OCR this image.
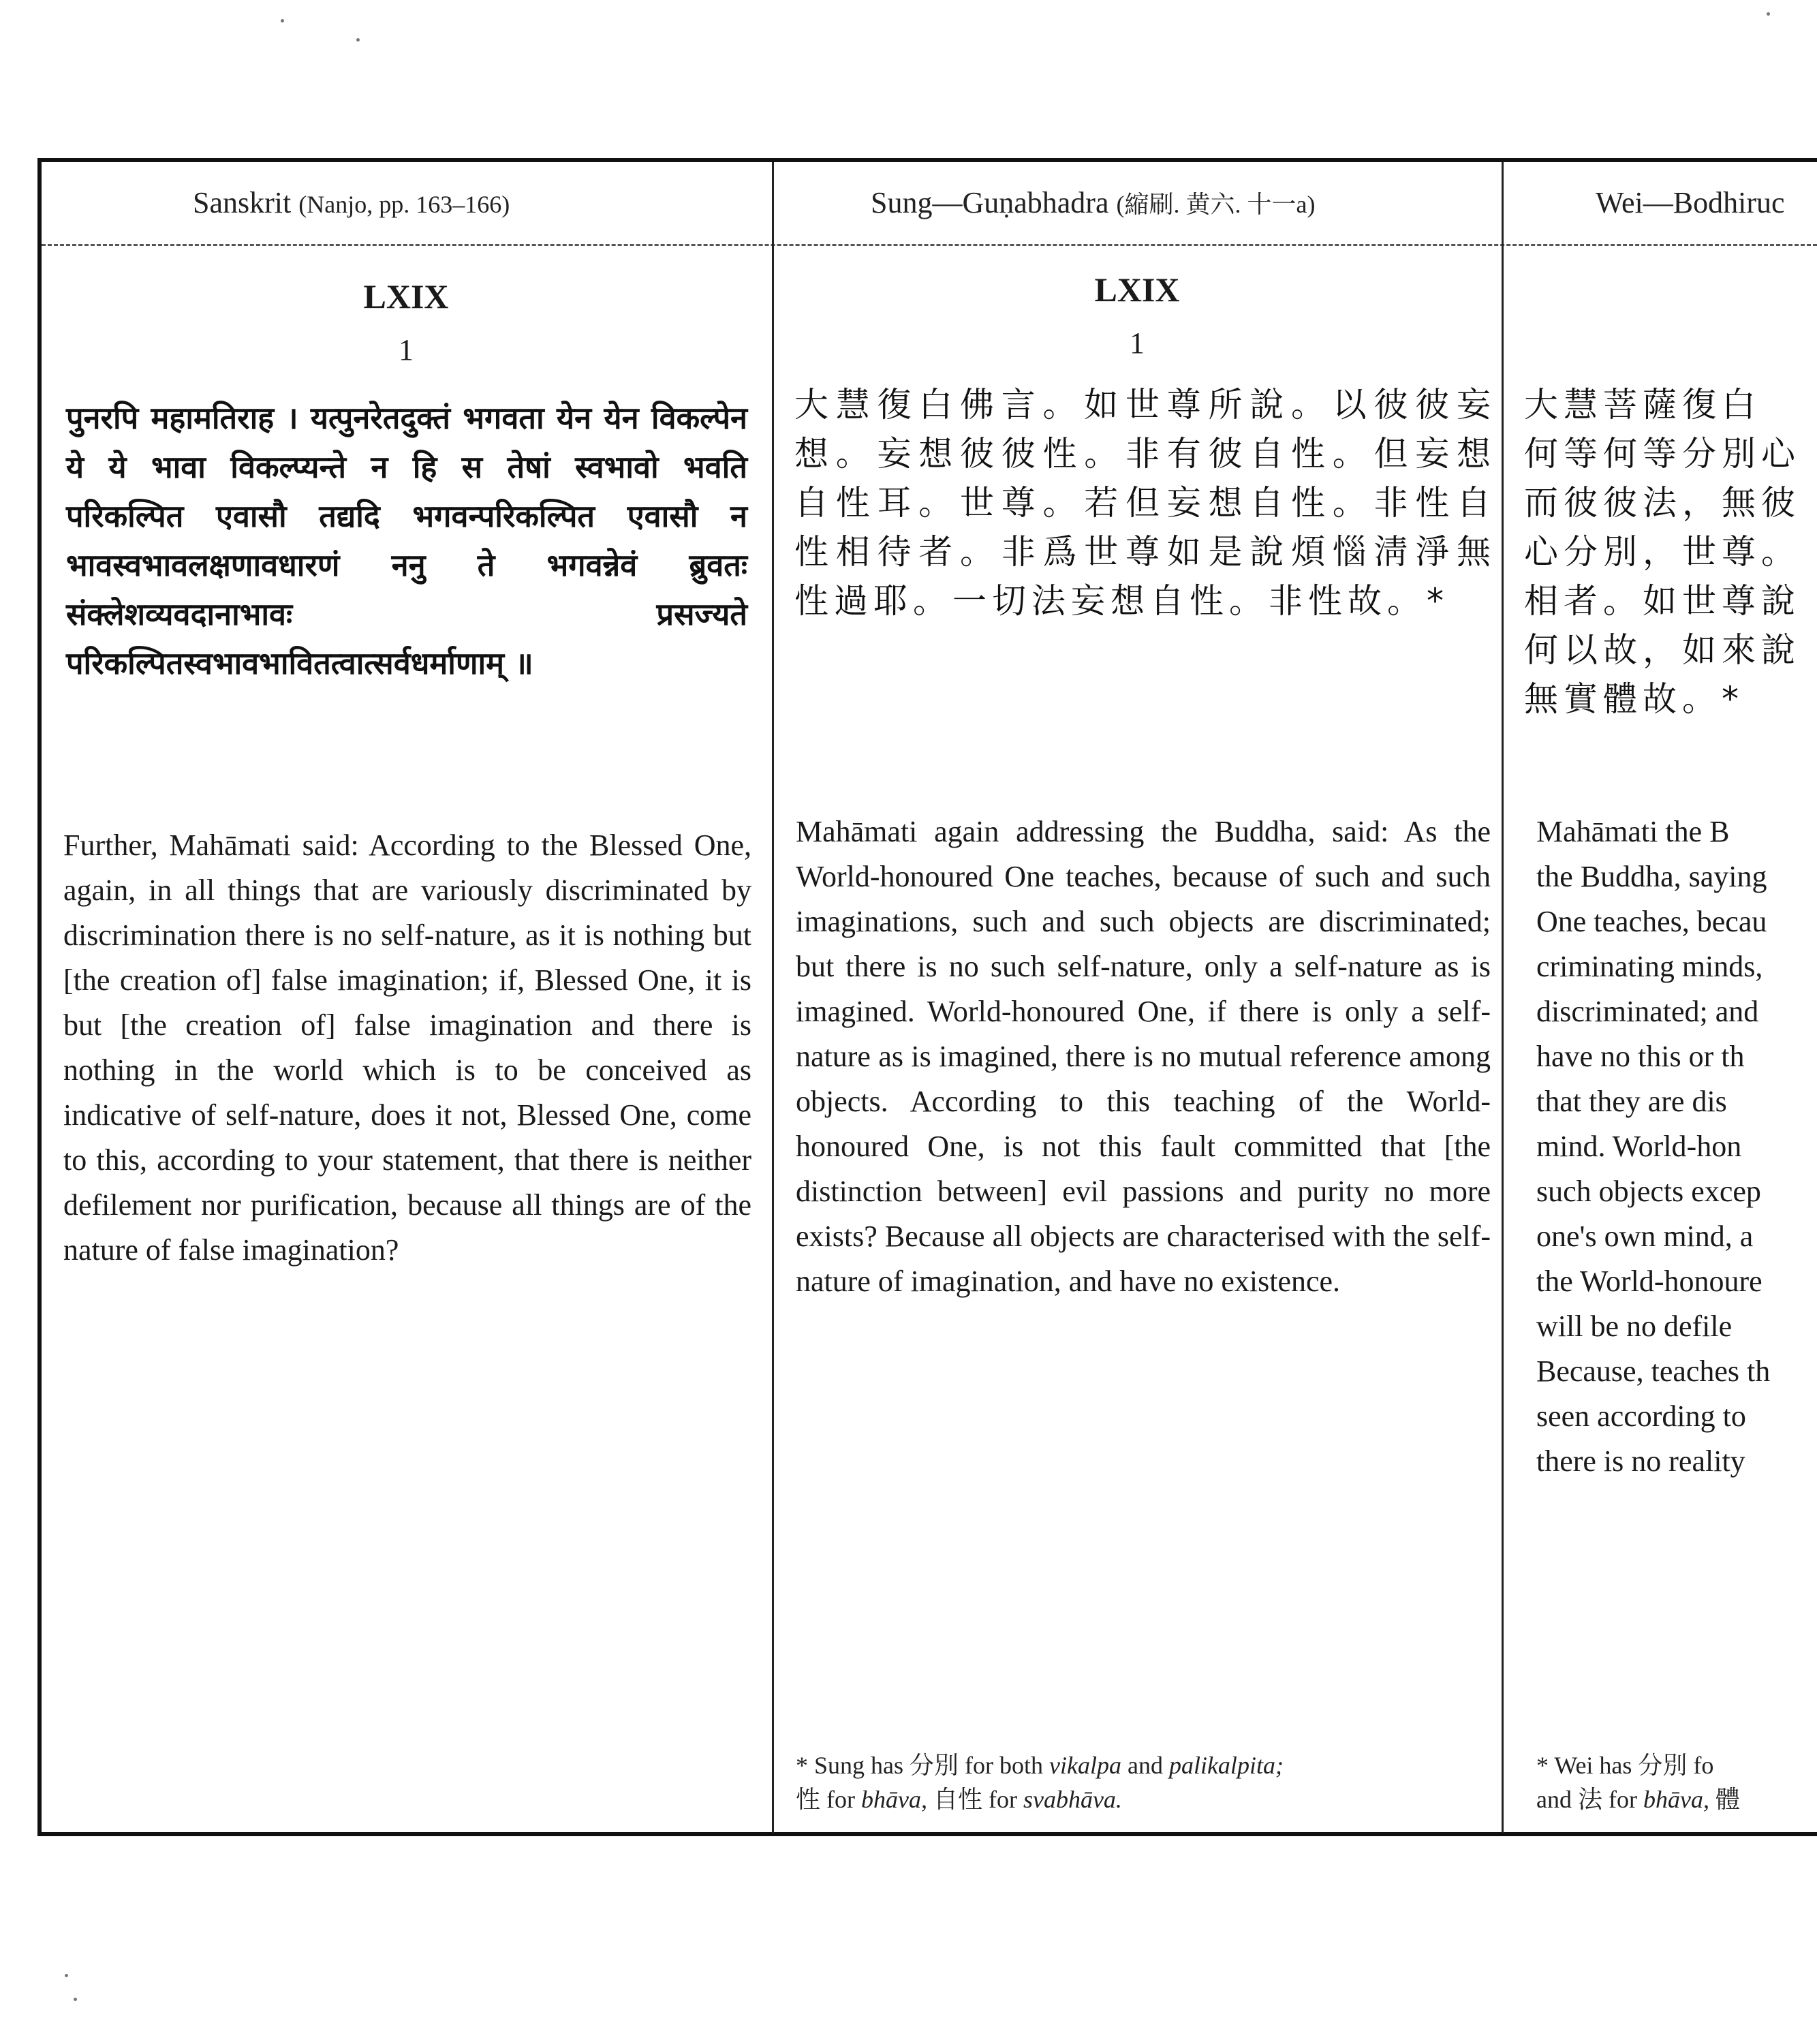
Sanskrit (Nanjo, pp. 163–166)
LXIX
1
पुनरपि महामतिराह । यत्पुनरेतदुक्तं भगवता येन येन विकल्पेन ये ये भावा विकल्प्यन्ते न हि स तेषां स्वभावो भवति परिकल्पित एवासौ तद्यदि भगवन्परिकल्पित एवासौ न भावस्वभावलक्षणावधारणं ननु ते भगवन्नेवं ब्रुवतः संक्लेशव्यवदानाभावः प्रसज्यते परिकल्पितस्वभावभावितत्वात्सर्वधर्माणाम् ॥
Further, Mahāmati said: According to the Blessed One, again, in all things that are variously discriminated by discrimination there is no self-nature, as it is nothing but [the creation of] false imagination; if, Blessed One, it is but [the creation of] false imagination and there is nothing in the world which is to be conceived as indicative of self-nature, does it not, Blessed One, come to this, according to your statement, that there is neither defilement nor purification, because all things are of the nature of false imagination?
Sung—Guṇabhadra (縮刷. 黄六. 十一a)
LXIX
1
大慧復白佛言。如世尊所說。以彼彼妄想。妄想彼彼性。非有彼自性。但妄想自性耳。世尊。若但妄想自性。非性自性相待者。非爲世尊如是說煩惱淸淨無性過耶。一切法妄想自性。非性故。*
Mahāmati again addressing the Buddha, said: As the World-honoured One teaches, because of such and such imaginations, such and such objects are discriminated; but there is no such self-nature, only a self-nature as is imagined. World-honoured One, if there is only a self-nature as is imagined, there is no mutual reference among objects. According to this teaching of the World-honoured One, is not this fault committed that [the distinction between] evil passions and purity no more exists? Because all objects are characterised with the self-nature of imagination, and have no existence.
* Sung has 分別 for both vikalpa and palikalpita;
性 for bhāva, 自性 for svabhāva.
Wei—Bodhiruc
大慧菩薩復白
何等何等分別心
而彼彼法，無彼
心分別，世尊。
相者。如世尊說
何以故，如來說
無實體故。*
Mahāmati the B
the Buddha, saying
One teaches, becau
criminating minds,
discriminated; and
have no this or th
that they are dis
mind. World-hon
such objects excep
one's own mind, a
the World-honoure
will be no defile
Because, teaches th
seen according to
there is no reality
* Wei has 分別 fo
and 法 for bhāva, 體
